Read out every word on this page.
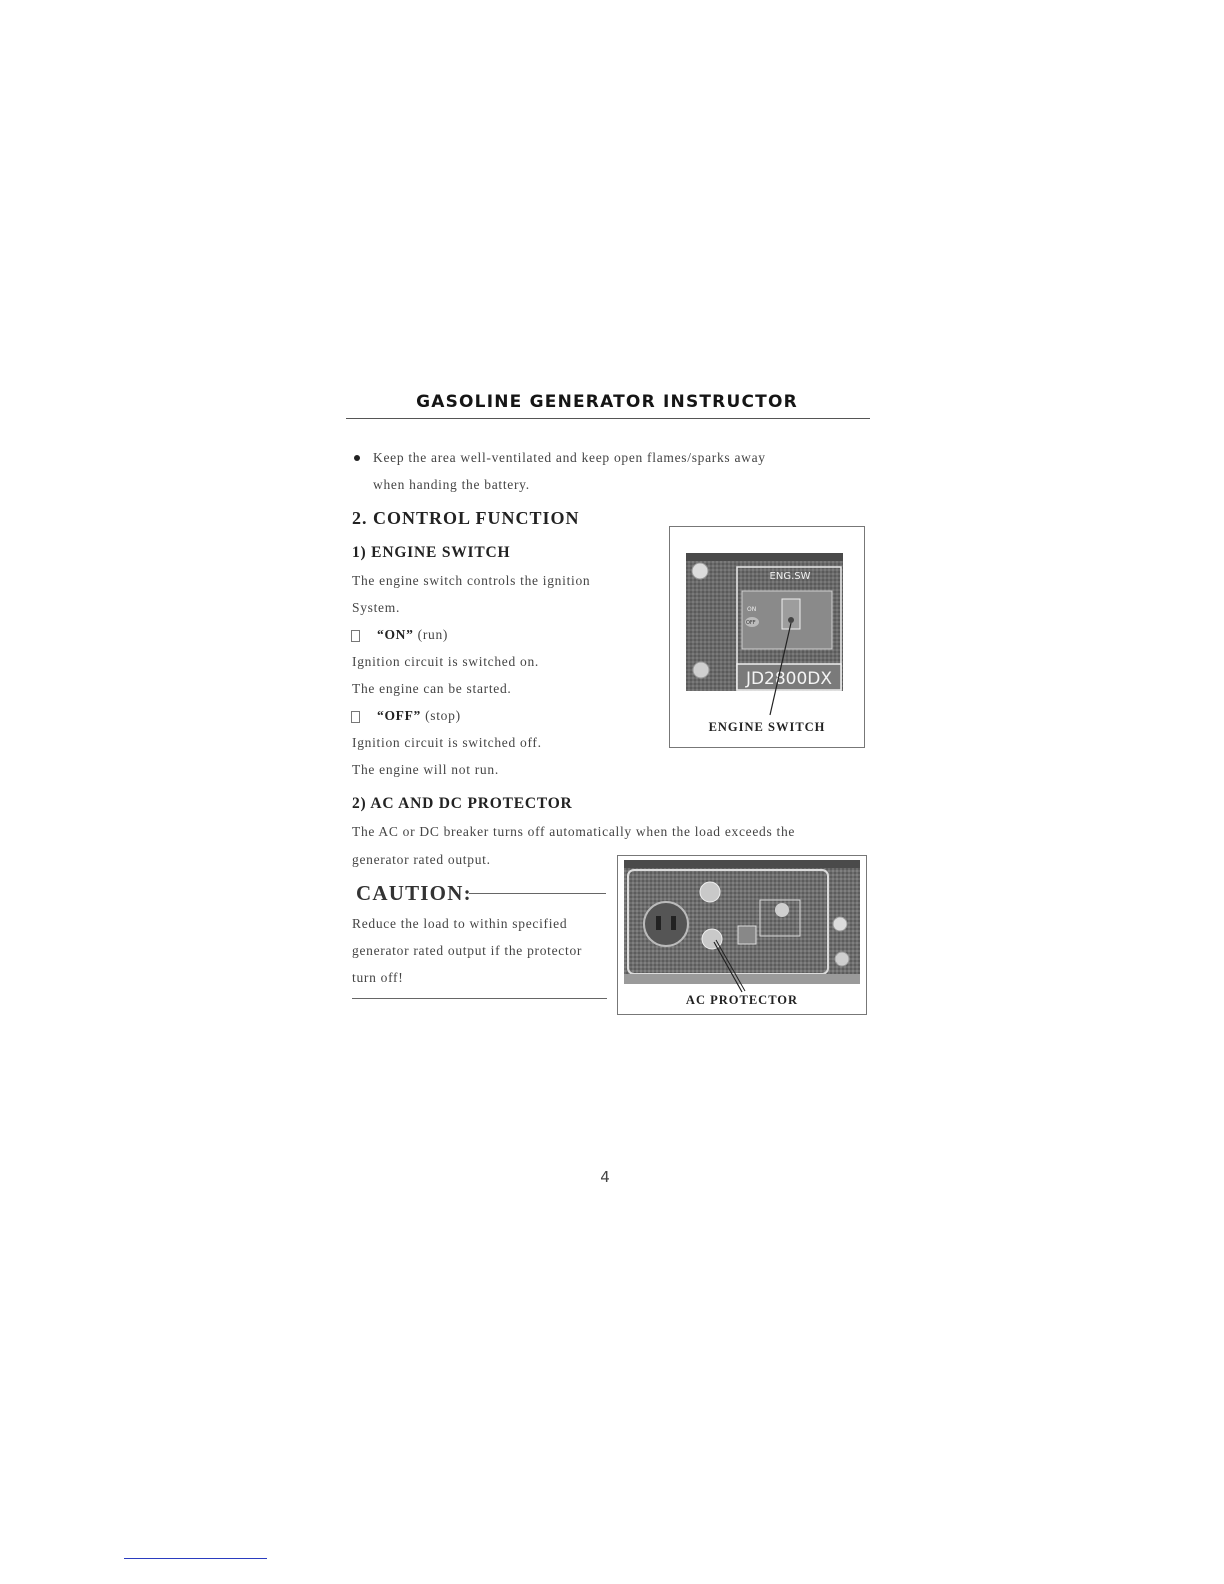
GASOLINE GENERATOR INSTRUCTOR
Keep the area well-ventilated and keep open flames/sparks away
when handing the battery.
2. CONTROL FUNCTION
1) ENGINE SWITCH
The engine switch controls the ignition
System.
“ON” (run)
Ignition circuit is switched on.
The engine can be started.
“OFF” (stop)
Ignition circuit is switched off.
The engine will not run.
ENG.SW
ON
OFF
JD2800DX
ENGINE SWITCH
2) AC AND DC PROTECTOR
The AC or DC breaker turns off automatically when the load exceeds the
generator rated output.
CAUTION:
Reduce the load to within specified
generator rated output if the protector
turn off!
AC PROTECTOR
4
